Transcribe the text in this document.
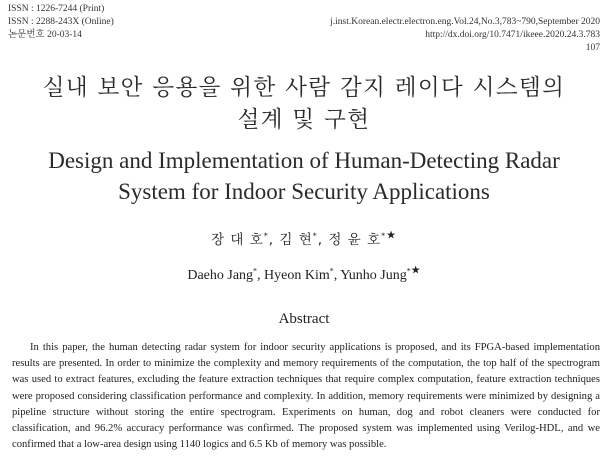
ISSN : 1226-7244 (Print)
ISSN : 2288-243X (Online)
논문번호 20-03-14
j.inst.Korean.electr.electron.eng.Vol.24,No.3,783~790,September 2020
http://dx.doi.org/10.7471/ikeee.2020.24.3.783
107
실내 보안 응용을 위한 사람 감지 레이다 시스템의
설계 및 구현
Design and Implementation of Human-Detecting Radar
System for Indoor Security Applications
장 대 호*, 김 현*, 정 윤 호*★
Daeho Jang*, Hyeon Kim*, Yunho Jung*★
Abstract
In this paper, the human detecting radar system for indoor security applications is proposed, and its FPGA-based implementation results are presented. In order to minimize the complexity and memory requirements of the computation, the top half of the spectrogram was used to extract features, excluding the feature extraction techniques that require complex computation, feature extraction techniques were proposed considering classification performance and complexity. In addition, memory requirements were minimized by designing a pipeline structure without storing the entire spectrogram. Experiments on human, dog and robot cleaners were conducted for classification, and 96.2% accuracy performance was confirmed. The proposed system was implemented using Verilog-HDL, and we confirmed that a low-area design using 1140 logics and 6.5 Kb of memory was possible.
